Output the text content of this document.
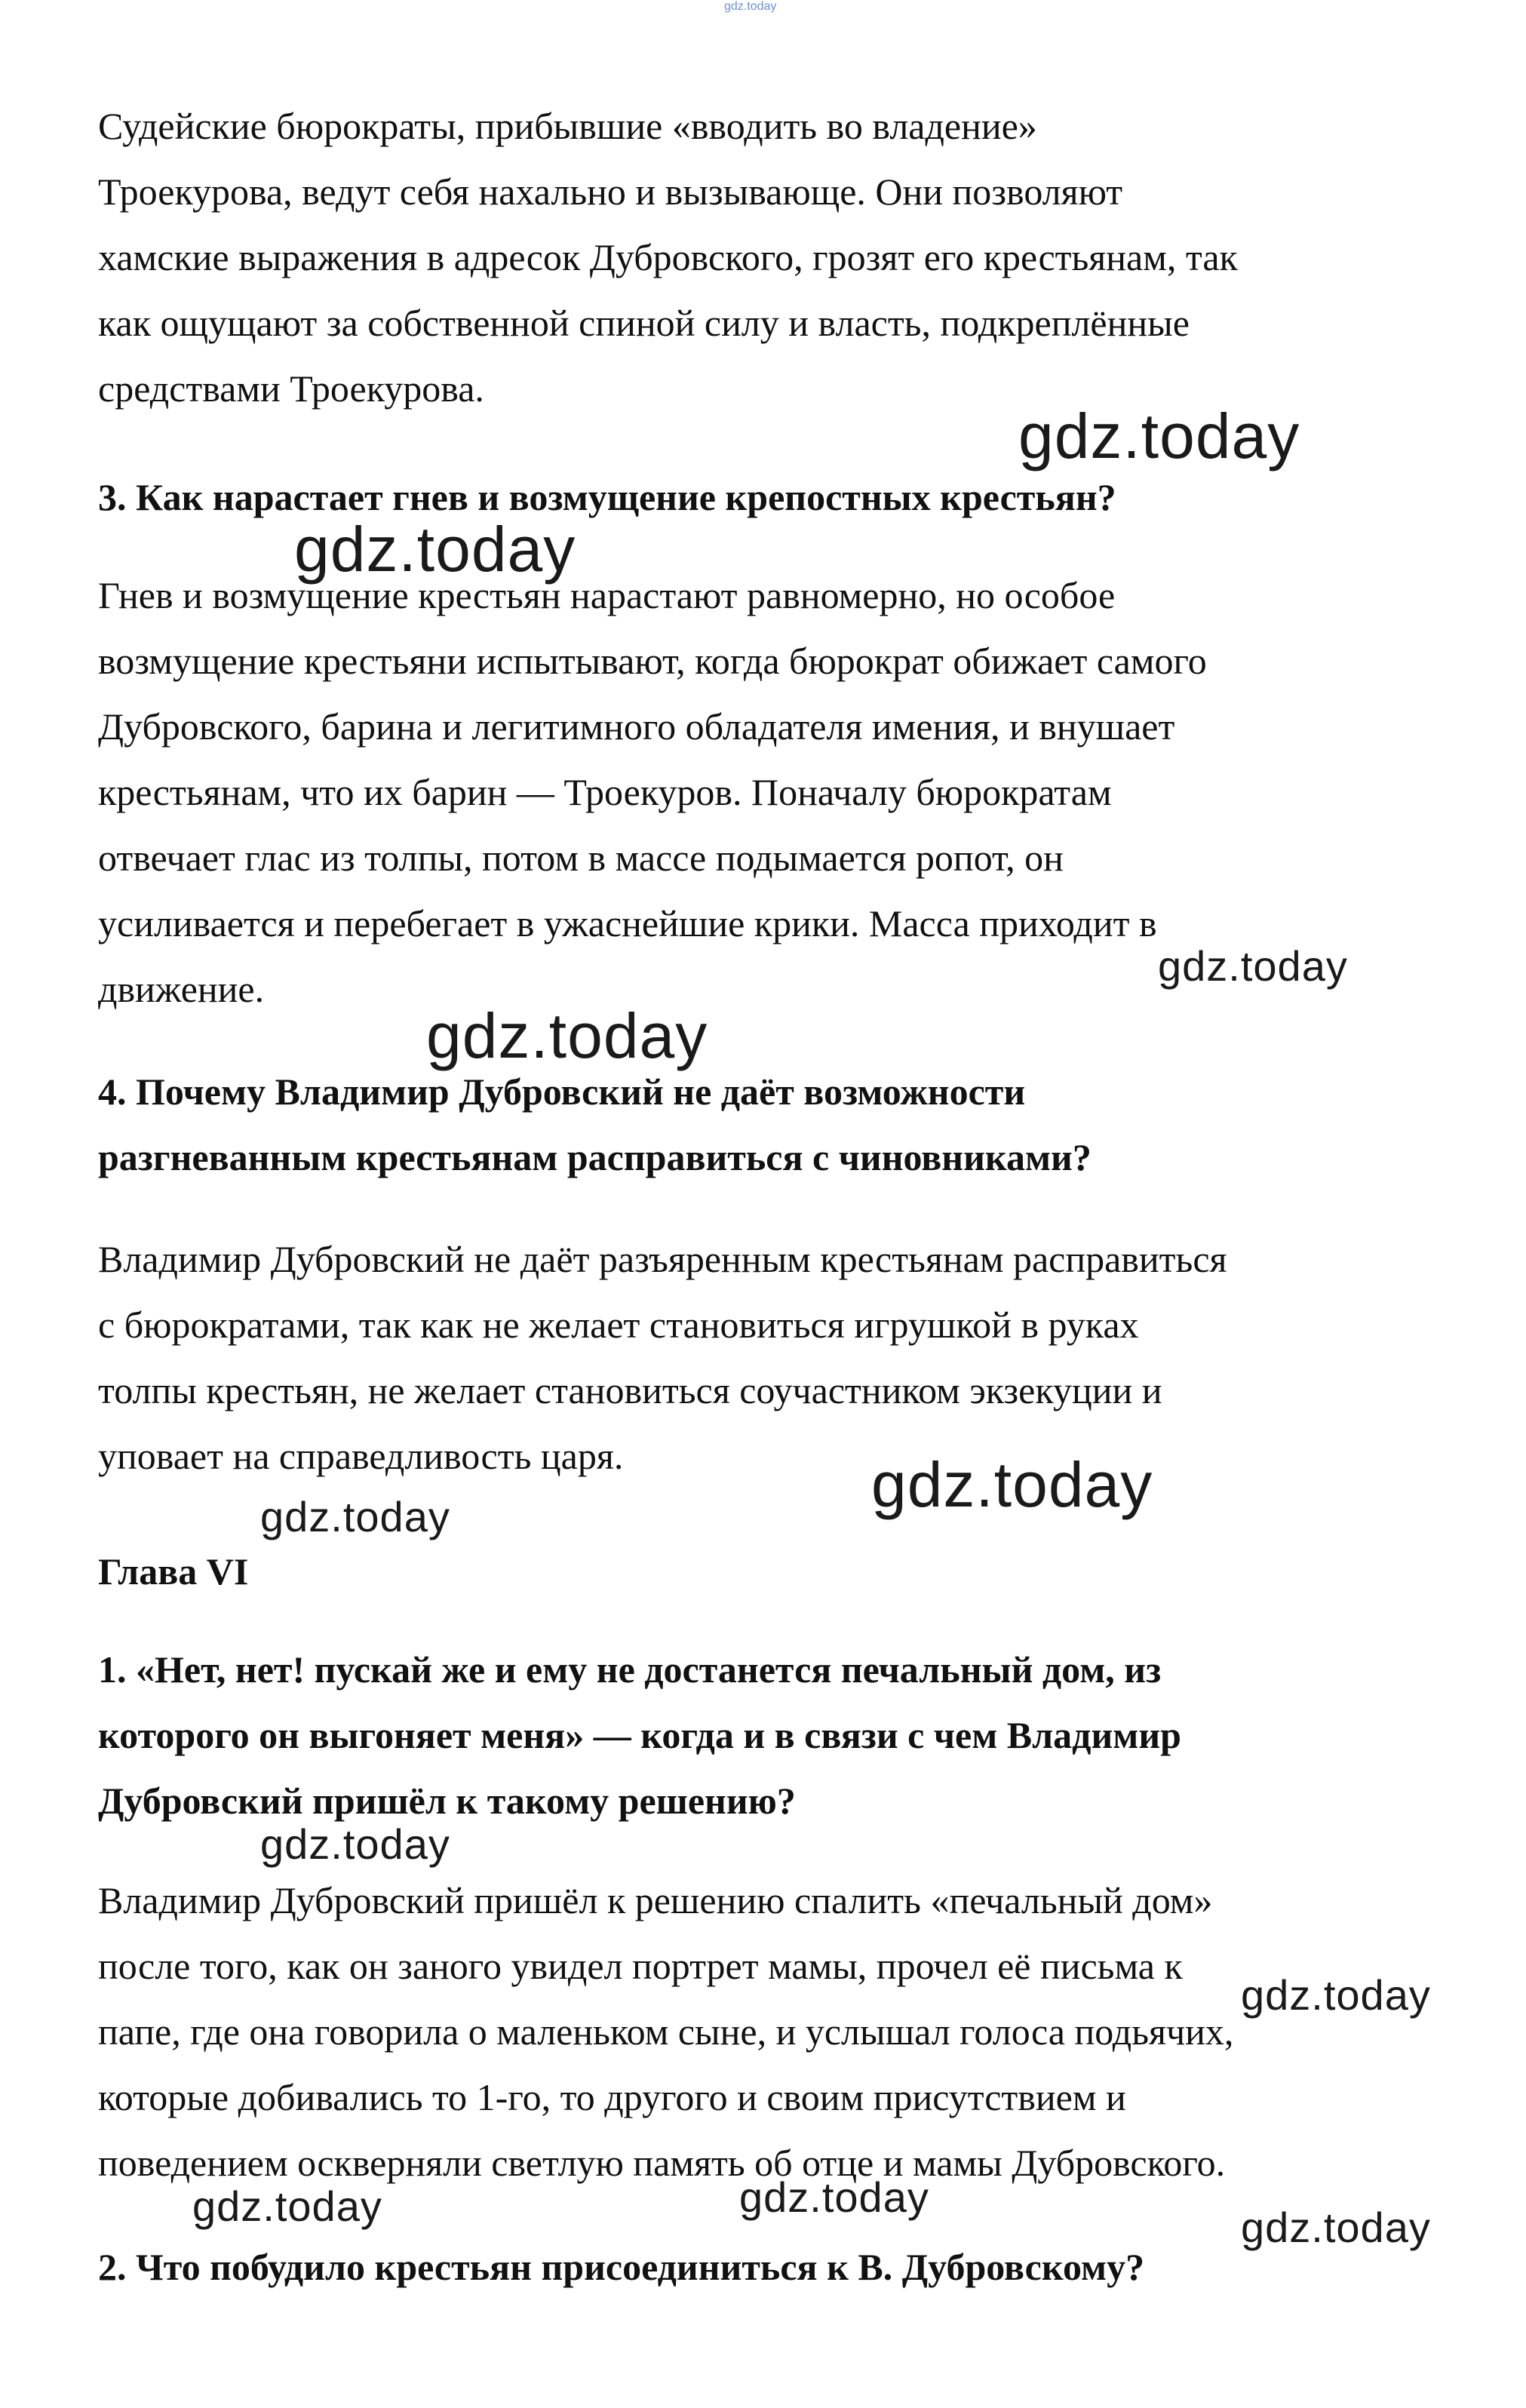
gdz.today
Судейские бюрократы, прибывшие «вводить во владение»
Троекурова, ведут себя нахально и вызывающе. Они позволяют
хамские выражения в адресок Дубровского, грозят его крестьянам, так
как ощущают за собственной спиной силу и власть, подкреплённые
средствами Троекурова.
3. Как нарастает гнев и возмущение крепостных крестьян?
Гнев и возмущение крестьян нарастают равномерно, но особое
возмущение крестьяни испытывают, когда бюрократ обижает самого
Дубровского, барина и легитимного обладателя имения, и внушает
крестьянам, что их барин — Троекуров. Поначалу бюрократам
отвечает глас из толпы, потом в массе подымается ропот, он
усиливается и перебегает в ужаснейшие крики. Масса приходит в
движение.
4. Почему Владимир Дубровский не даёт возможности
разгневанным крестьянам расправиться с чиновниками?
Владимир Дубровский не даёт разъяренным крестьянам расправиться
с бюрократами, так как не желает становиться игрушкой в руках
толпы крестьян, не желает становиться соучастником экзекуции и
уповает на справедливость царя.
Глава VI
1. «Нет, нет! пускай же и ему не достанется печальный дом, из
которого он выгоняет меня» — когда и в связи с чем Владимир
Дубровский пришёл к такому решению?
Владимир Дубровский пришёл к решению спалить «печальный дом»
после того, как он заного увидел портрет мамы, прочел её письма к
папе, где она говорила о маленьком сыне, и услышал голоса подьячих,
которые добивались то 1-го, то другого и своим присутствием и
поведением оскверняли светлую память об отце и мамы Дубровского.
2. Что побудило крестьян присоединиться к В. Дубровскому?
gdz.today
gdz.today
gdz.today
gdz.today
gdz.today
gdz.today
gdz.today
gdz.today
gdz.today	gdz.today
gdz.today
